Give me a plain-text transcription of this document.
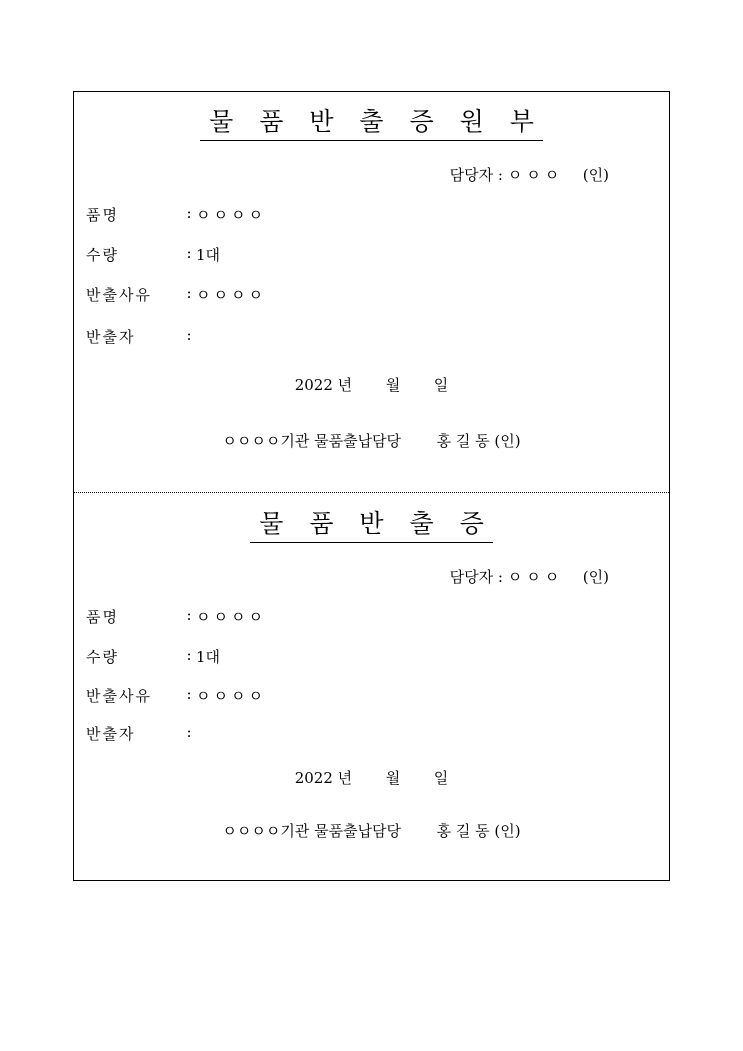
물 품 반 출 증 원 부
담당자 : ㅇㅇㅇ (인)
품명	: ㅇㅇㅇㅇ
수량	: 1대
반출사유	: ㅇㅇㅇㅇ
반출자	:
2022 년 월 일
ㅇㅇㅇㅇ기관 물품출납담당 홍 길 동 (인)
물 품 반 출 증
담당자 : ㅇㅇㅇ (인)
품명	: ㅇㅇㅇㅇ
수량	: 1대
반출사유	: ㅇㅇㅇㅇ
반출자	:
2022 년 월 일
ㅇㅇㅇㅇ기관 물품출납담당 홍 길 동 (인)
